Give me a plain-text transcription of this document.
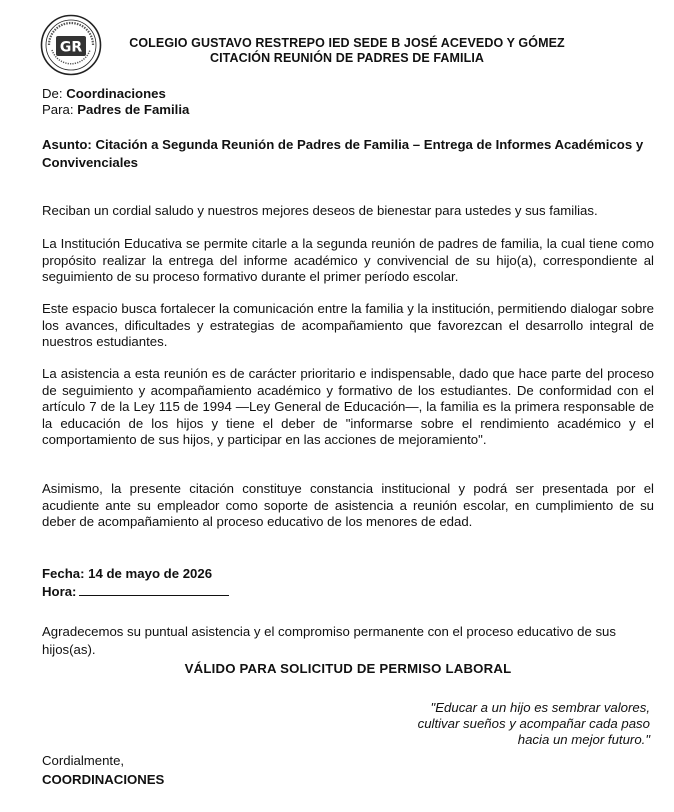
GR	COLEGIO GUSTAVO RESTREPO IED SEDE B JOSÉ ACEVEDO Y GÓMEZ
CITACIÓN REUNIÓN DE PADRES DE FAMILIA
De: Coordinaciones
Para: Padres de Familia
Asunto: Citación a Segunda Reunión de Padres de Familia – Entrega de Informes Académicos y Convivenciales

Reciban un cordial saludo y nuestros mejores deseos de bienestar para ustedes y sus familias.

La Institución Educativa se permite citarle a la segunda reunión de padres de familia, la cual tiene como propósito realizar la entrega del informe académico y convivencial de su hijo(a), correspondiente al seguimiento de su proceso formativo durante el primer período escolar.

Este espacio busca fortalecer la comunicación entre la familia y la institución, permitiendo dialogar sobre los avances, dificultades y estrategias de acompañamiento que favorezcan el desarrollo integral de nuestros estudiantes.

La asistencia a esta reunión es de carácter prioritario e indispensable, dado que hace parte del proceso de seguimiento y acompañamiento académico y formativo de los estudiantes. De conformidad con el artículo 7 de la Ley 115 de 1994 —Ley General de Educación—, la familia es la primera responsable de la educación de los hijos y tiene el deber de "informarse sobre el rendimiento académico y el comportamiento de sus hijos, y participar en las acciones de mejoramiento".

Asimismo, la presente citación constituye constancia institucional y podrá ser presentada por el acudiente ante su empleador como soporte de asistencia a reunión escolar, en cumplimiento de su deber de acompañamiento al proceso educativo de los menores de edad.

Fecha: 14 de mayo de 2026
Hora:

Agradecemos su puntual asistencia y el compromiso permanente con el proceso educativo de sus hijos(as).

VÁLIDO PARA SOLICITUD DE PERMISO LABORAL
"Educar a un hijo es sembrar valores,
cultivar sueños y acompañar cada paso
hacia un mejor futuro."
Cordialmente,
COORDINACIONES
